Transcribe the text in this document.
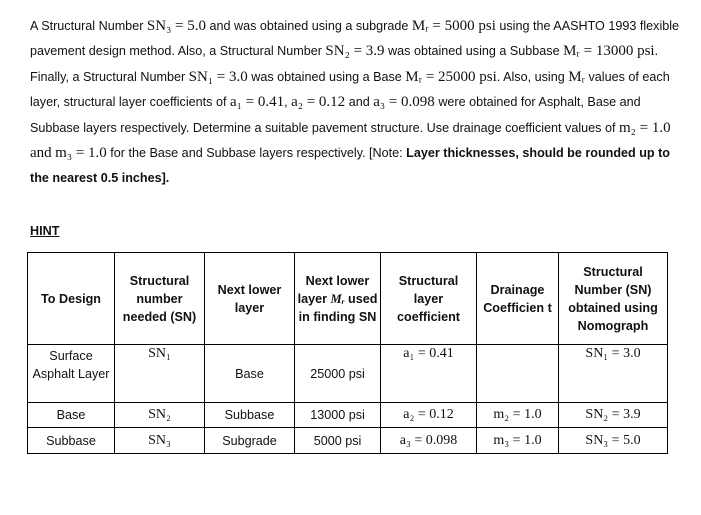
A Structural Number SN₃ = 5.0 and was obtained using a subgrade Mᵣ = 5000 psi using the AASHTO 1993 flexible pavement design method. Also, a Structural Number SN₂ = 3.9 was obtained using a Subbase Mᵣ = 13000 psi. Finally, a Structural Number SN₁ = 3.0 was obtained using a Base Mᵣ = 25000 psi. Also, using Mᵣ values of each layer, structural layer coefficients of a₁ = 0.41, a₂ = 0.12 and a₃ = 0.098 were obtained for Asphalt, Base and Subbase layers respectively. Determine a suitable pavement structure. Use drainage coefficient values of m₂ = 1.0 and m₃ = 1.0 for the Base and Subbase layers respectively. [Note: Layer thicknesses, should be rounded up to the nearest 0.5 inches].

HINT
To Design	Structural number needed (SN)	Next lower layer	Next lower layer Mᵣ used in finding SN	Structural layer coefficient	Drainage Coefficien t	Structural Number (SN) obtained using Nomograph
Surface Asphalt Layer	SN₁	Base	25000 psi	a₁ = 0.41		SN₁ = 3.0
Base	SN₂	Subbase	13000 psi	a₂ = 0.12	m₂ = 1.0	SN₂ = 3.9
Subbase	SN₃	Subgrade	5000 psi	a₃ = 0.098	m₃ = 1.0	SN₃ = 5.0
